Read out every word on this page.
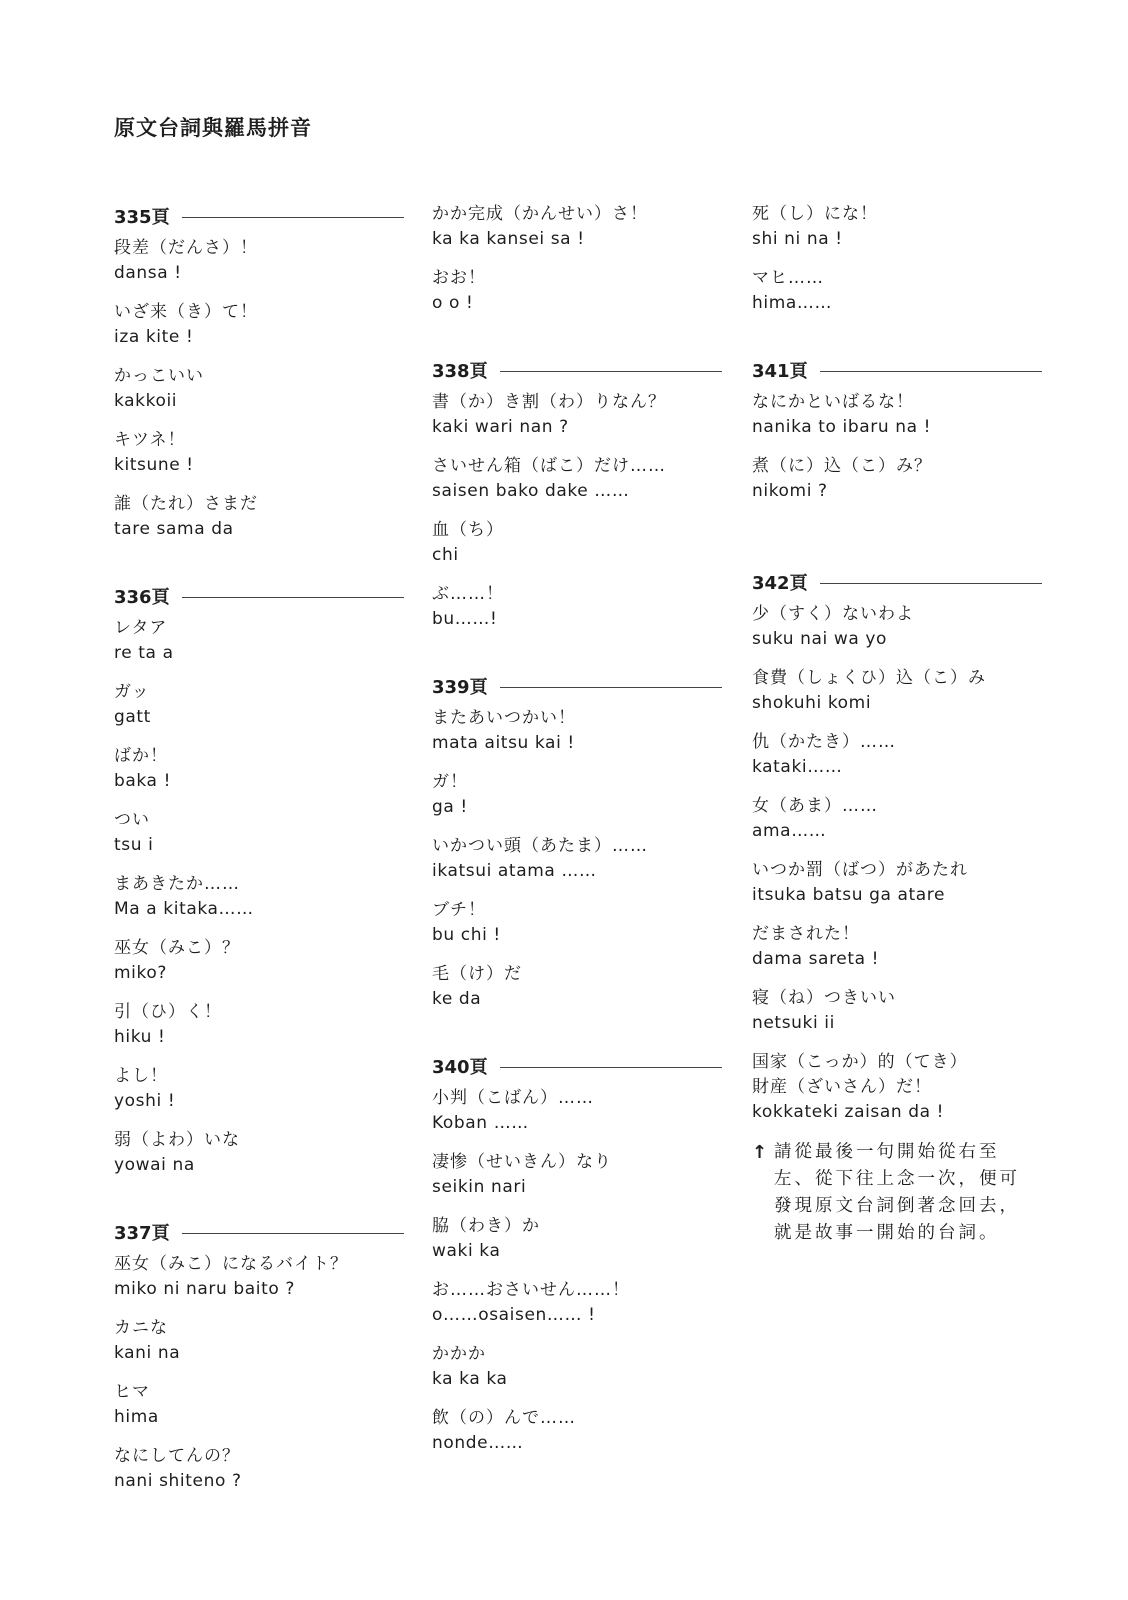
原文台詞與羅馬拼音
335頁
段差（だんさ）！
dansa !
いざ来（き）て！
iza kite !
かっこいい
kakkoii
キツネ！
kitsune !
誰（たれ）さまだ
tare sama da
336頁
レタア
re ta a
ガッ
gatt
ばか！
baka !
つい
tsu i
まあきたか……
Ma a kitaka……
巫女（みこ）？
miko?
引（ひ）く！
hiku !
よし！
yoshi !
弱（よわ）いな
yowai na
337頁
巫女（みこ）になるバイト？
miko ni naru baito ?
カニな
kani na
ヒマ
hima
なにしてんの？
nani shiteno ?
かか完成（かんせい）さ！
ka ka kansei sa !
おお！
o o !
338頁
書（か）き割（わ）りなん？
kaki wari nan ?
さいせん箱（ばこ）だけ……
saisen bako dake ……
血（ち）
chi
ぶ……！
bu……!
339頁
またあいつかい！
mata aitsu kai !
ガ！
ga !
いかつい頭（あたま）……
ikatsui atama ……
ブチ！
bu chi !
毛（け）だ
ke da
340頁
小判（こばん）……
Koban ……
凄惨（せいきん）なり
seikin nari
脇（わき）か
waki ka
お……おさいせん……！
o……osaisen…… !
かかか
ka ka ka
飲（の）んで……
nonde……
死（し）にな！
shi ni na !
マヒ……
hima……
341頁
なにかといばるな！
nanika to ibaru na !
煮（に）込（こ）み？
nikomi ?
342頁
少（すく）ないわよ
suku nai wa yo
食費（しょくひ）込（こ）み
shokuhi komi
仇（かたき）……
kataki……
女（あま）……
ama……
いつか罰（ばつ）があたれ
itsuka batsu ga atare
だまされた！
dama sareta !
寝（ね）つきいい
netsuki ii
国家（こっか）的（てき）
財産（ざいさん）だ！
kokkateki zaisan da !
↑ 請從最後一句開始從右至
左、從下往上念一次，便可
發現原文台詞倒著念回去，
就是故事一開始的台詞。
